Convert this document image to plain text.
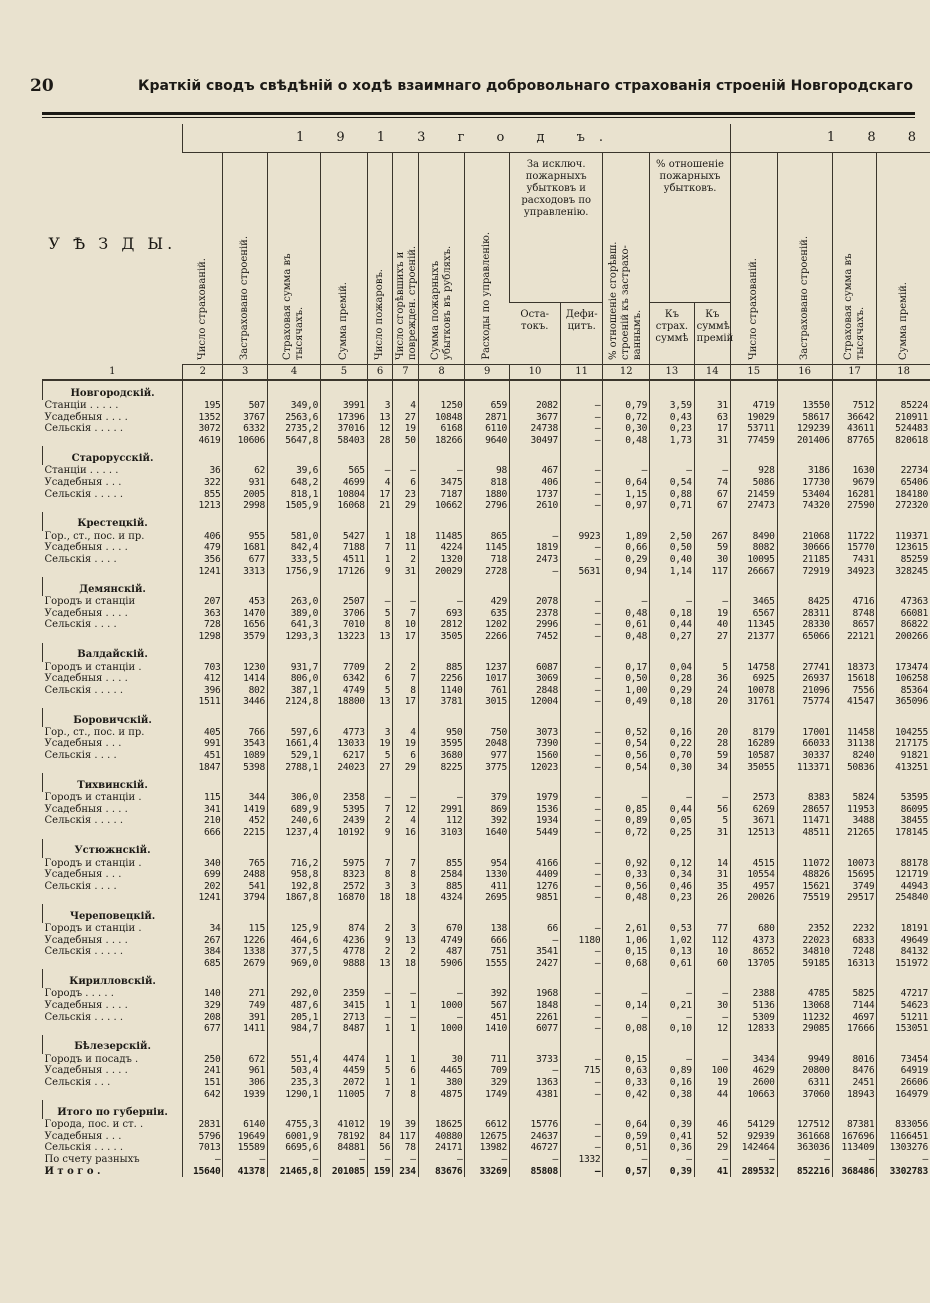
20	Краткій сводъ свѣдѣній о ходѣ взаимнаго добровольнаго страхованія строеній Новгородскаго
У Ѣ З Д Ы.	1 9 1 3 г о д ъ.													1 8 8			

	Число страхованій.	Застраховано строеній.	Страховая сумма въ тысячахъ.	Сумма премій.	Число пожаровъ.	Число сгорѣвшихъ и поврежден. строеній.	Сумма пожарныхъ убытковъ въ рубляхъ.	Расходы по управленію.	За исключ. пожарныхъ убытковъ и расходовъ по управленію.		% отношеніе сгорѣвш. строеній къ застрахо-ваннымъ.	% отношеніе пожарныхъ убытковъ.		Число страхованій.	Застраховано строеній.	Страховая сумма въ тысячахъ.	Сумма премій.

									Оста-токъ.	Дефи-цитъ.		Къ страх. суммѣ	Къ суммѣ премій				
1	2	3	4	5	6	7	8	9	10	11	12	13	14	15	16	17	18
Новгородскій.																	
Станціи . . . . .	195	507	349,0	3991	3	4	1250	659	2082	—	0,79	3,59	31	4719	13550	7512	85224
Усадебныя . . . .	1352	3767	2563,6	17396	13	27	10848	2871	3677	—	0,72	0,43	63	19029	58617	36642	210911
Сельскія . . . . .	3072	6332	2735,2	37016	12	19	6168	6110	24738	—	0,30	0,23	17	53711	129239	43611	524483
	4619	10606	5647,8	58403	28	50	18266	9640	30497	—	0,48	1,73	31	77459	201406	87765	820618
Старорусскій.																	
Станціи . . . . .	36	62	39,6	565	—	—	—	98	467	—	—	—	—	928	3186	1630	22734
Усадебныя . . .	322	931	648,2	4699	4	6	3475	818	406	—	0,64	0,54	74	5086	17730	9679	65406
Сельскія . . . . .	855	2005	818,1	10804	17	23	7187	1880	1737	—	1,15	0,88	67	21459	53404	16281	184180
	1213	2998	1505,9	16068	21	29	10662	2796	2610	—	0,97	0,71	67	27473	74320	27590	272320
Крестецкій.																	
Гор., ст., пос. и пр.	406	955	581,0	5427	1	18	11485	865	—	9923	1,89	2,50	267	8490	21068	11722	119371
Усадебныя . . . .	479	1681	842,4	7188	7	11	4224	1145	1819	—	0,66	0,50	59	8082	30666	15770	123615
Сельскія . . . .	356	677	333,5	4511	1	2	1320	718	2473	—	0,29	0,40	30	10095	21185	7431	85259
	1241	3313	1756,9	17126	9	31	20029	2728	—	5631	0,94	1,14	117	26667	72919	34923	328245
Демянскій.																	
Городъ и станціи	207	453	263,0	2507	—	—	—	429	2078	—	—	—	—	3465	8425	4716	47363
Усадебныя . . . .	363	1470	389,0	3706	5	7	693	635	2378	—	0,48	0,18	19	6567	28311	8748	66081
Сельскія . . . .	728	1656	641,3	7010	8	10	2812	1202	2996	—	0,61	0,44	40	11345	28330	8657	86822
	1298	3579	1293,3	13223	13	17	3505	2266	7452	—	0,48	0,27	27	21377	65066	22121	200266
Валдайскій.																	
Городъ и станціи .	703	1230	931,7	7709	2	2	885	1237	6087	—	0,17	0,04	5	14758	27741	18373	173474
Усадебныя . . . .	412	1414	806,0	6342	6	7	2256	1017	3069	—	0,50	0,28	36	6925	26937	15618	106258
Сельскія . . . . .	396	802	387,1	4749	5	8	1140	761	2848	—	1,00	0,29	24	10078	21096	7556	85364
	1511	3446	2124,8	18800	13	17	3781	3015	12004	—	0,49	0,18	20	31761	75774	41547	365096
Боровичскій.																	
Гор., ст., пос. и пр.	405	766	597,6	4773	3	4	950	750	3073	—	0,52	0,16	20	8179	17001	11458	104255
Усадебныя . . .	991	3543	1661,4	13033	19	19	3595	2048	7390	—	0,54	0,22	28	16289	66033	31138	217175
Сельскія . . . .	451	1089	529,1	6217	5	6	3680	977	1560	—	0,56	0,70	59	10587	30337	8240	91821
	1847	5398	2788,1	24023	27	29	8225	3775	12023	—	0,54	0,30	34	35055	113371	50836	413251
Тихвинскій.																	
Городъ и станціи .	115	344	306,0	2358	—	—	—	379	1979	—	—	—	—	2573	8383	5824	53595
Усадебныя . . . .	341	1419	689,9	5395	7	12	2991	869	1536	—	0,85	0,44	56	6269	28657	11953	86095
Сельскія . . . . .	210	452	240,6	2439	2	4	112	392	1934	—	0,89	0,05	5	3671	11471	3488	38455
	666	2215	1237,4	10192	9	16	3103	1640	5449	—	0,72	0,25	31	12513	48511	21265	178145
Устюжнскій.																	
Городъ и станціи .	340	765	716,2	5975	7	7	855	954	4166	—	0,92	0,12	14	4515	11072	10073	88178
Усадебныя . . .	699	2488	958,8	8323	8	8	2584	1330	4409	—	0,33	0,34	31	10554	48826	15695	121719
Сельскія . . . .	202	541	192,8	2572	3	3	885	411	1276	—	0,56	0,46	35	4957	15621	3749	44943
	1241	3794	1867,8	16870	18	18	4324	2695	9851	—	0,48	0,23	26	20026	75519	29517	254840
Череповецкій.																	
Городъ и станціи .	34	115	125,9	874	2	3	670	138	66	—	2,61	0,53	77	680	2352	2232	18191
Усадебныя . . . .	267	1226	464,6	4236	9	13	4749	666	—	1180	1,06	1,02	112	4373	22023	6833	49649
Сельскія . . . . .	384	1338	377,5	4778	2	2	487	751	3541	—	0,15	0,13	10	8652	34810	7248	84132
	685	2679	969,0	9888	13	18	5906	1555	2427	—	0,68	0,61	60	13705	59185	16313	151972
Кирилловскій.																	
Городъ . . . . .	140	271	292,0	2359	—	—	—	392	1968	—	—	—	—	2388	4785	5825	47217
Усадебныя . . . .	329	749	487,6	3415	1	1	1000	567	1848	—	0,14	0,21	30	5136	13068	7144	54623
Сельскія . . . . .	208	391	205,1	2713	—	—	—	451	2261	—	—	—	—	5309	11232	4697	51211
	677	1411	984,7	8487	1	1	1000	1410	6077	—	0,08	0,10	12	12833	29085	17666	153051
Бѣлезерскій.																	
Городъ и посадъ .	250	672	551,4	4474	1	1	30	711	3733	—	0,15	—	—	3434	9949	8016	73454
Усадебныя . . . .	241	961	503,4	4459	5	6	4465	709	—	715	0,63	0,89	100	4629	20800	8476	64919
Сельскія . . .	151	306	235,3	2072	1	1	380	329	1363	—	0,33	0,16	19	2600	6311	2451	26606
	642	1939	1290,1	11005	7	8	4875	1749	4381	—	0,42	0,38	44	10663	37060	18943	164979
Итого по губерніи.																	
Города, пос. и ст. .	2831	6140	4755,3	41012	19	39	18625	6612	15776	—	0,64	0,39	46	54129	127512	87381	833056
Усадебныя . . .	5796	19649	6001,9	78192	84	117	40880	12675	24637	—	0,59	0,41	52	92939	361668	167696	1166451
Сельскія . . . . .	7013	15589	6695,6	84881	56	78	24171	13982	46727	—	0,51	0,36	29	142464	363036	113409	1303276
По счету разныхъ	—	—	—	—	—	—	—	—	—	1332	—	—	—	—	—	—	—
И т о г о .	15640	41378	21465,8	201085	159	234	83676	33269	85808	—	0,57	0,39	41	289532	852216	368486	3302783
